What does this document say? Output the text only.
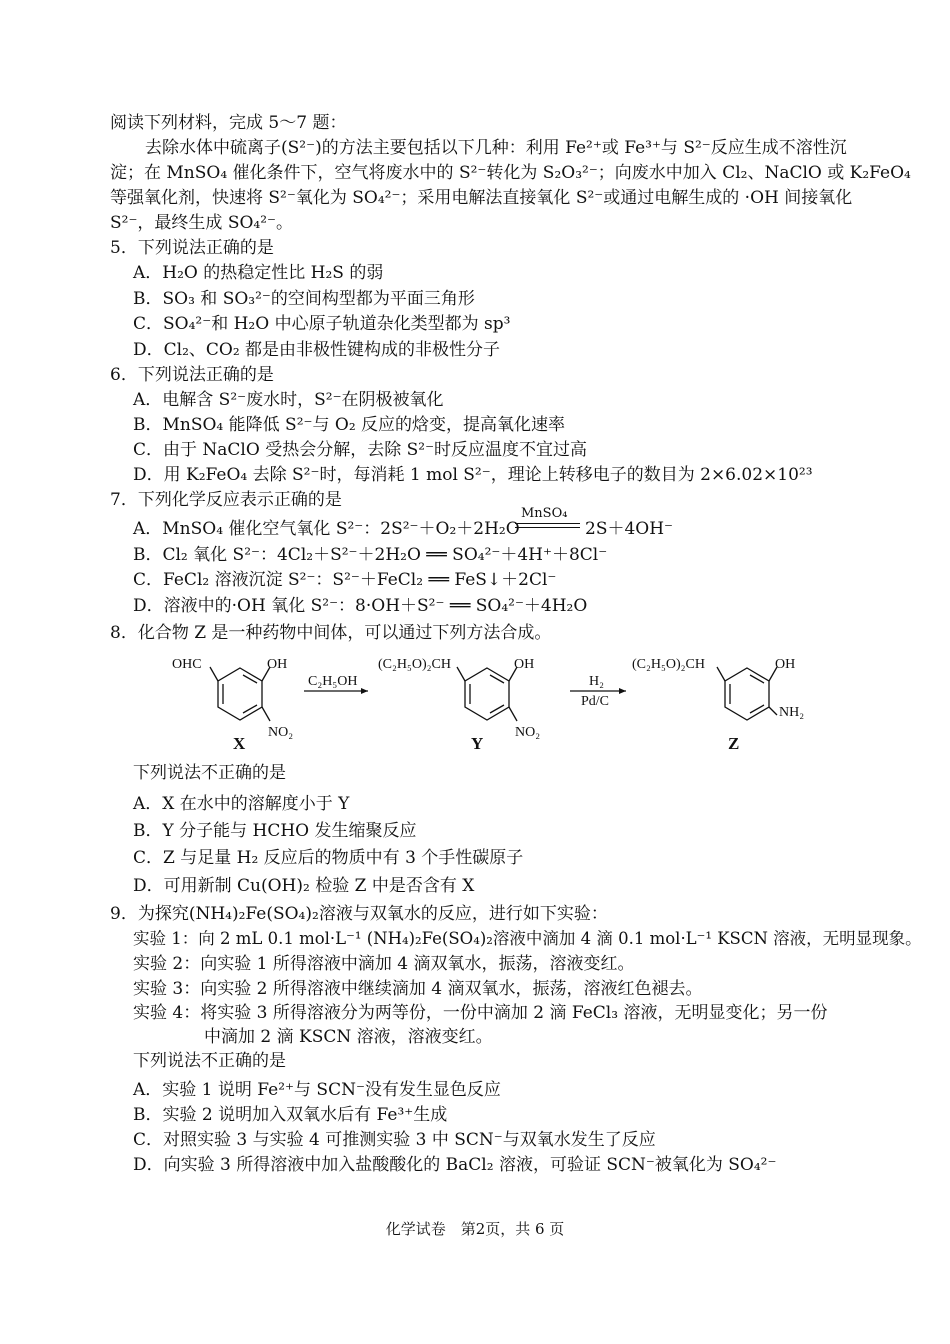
阅读下列材料，完成 5～7 题：
去除水体中硫离子(S²⁻)的方法主要包括以下几种：利用 Fe²⁺或 Fe³⁺与 S²⁻反应生成不溶性沉
淀；在 MnSO₄ 催化条件下，空气将废水中的 S²⁻转化为 S₂O₃²⁻；向废水中加入 Cl₂、NaClO 或 K₂FeO₄
等强氧化剂，快速将 S²⁻氧化为 SO₄²⁻；采用电解法直接氧化 S²⁻或通过电解生成的 ·OH 间接氧化
S²⁻，最终生成 SO₄²⁻。
5．下列说法正确的是
A．H₂O 的热稳定性比 H₂S 的弱
B．SO₃ 和 SO₃²⁻的空间构型都为平面三角形
C．SO₄²⁻和 H₂O 中心原子轨道杂化类型都为 sp³
D．Cl₂、CO₂ 都是由非极性键构成的非极性分子
6．下列说法正确的是
A．电解含 S²⁻废水时，S²⁻在阴极被氧化
B．MnSO₄ 能降低 S²⁻与 O₂ 反应的焓变，提高氧化速率
C．由于 NaClO 受热会分解，去除 S²⁻时反应温度不宜过高
D．用 K₂FeO₄ 去除 S²⁻时，每消耗 1 mol S²⁻，理论上转移电子的数目为 2×6.02×10²³
7．下列化学反应表示正确的是
A．MnSO₄ 催化空气氧化 S²⁻：2S²⁻＋O₂＋2H₂O
MnSO₄
2S＋4OH⁻
B．Cl₂ 氧化 S²⁻：4Cl₂＋S²⁻＋2H₂O ══ SO₄²⁻＋4H⁺＋8Cl⁻
C．FeCl₂ 溶液沉淀 S²⁻：S²⁻＋FeCl₂ ══ FeS↓＋2Cl⁻
D．溶液中的·OH 氧化 S²⁻：8·OH＋S²⁻ ══ SO₄²⁻＋4H₂O
8．化合物 Z 是一种药物中间体，可以通过下列方法合成。
OHC	OH
NO₂
C₂H₅OH
(C₂H₅O)₂CH	OH
NO₂
H₂
Pd/C
(C₂H₅O)₂CH	OH
NH₂
X	Y	Z
下列说法不正确的是
A．X 在水中的溶解度小于 Y
B．Y 分子能与 HCHO 发生缩聚反应
C．Z 与足量 H₂ 反应后的物质中有 3 个手性碳原子
D．可用新制 Cu(OH)₂ 检验 Z 中是否含有 X
9．为探究(NH₄)₂Fe(SO₄)₂溶液与双氧水的反应，进行如下实验：
实验 1：向 2 mL 0.1 mol·L⁻¹ (NH₄)₂Fe(SO₄)₂溶液中滴加 4 滴 0.1 mol·L⁻¹ KSCN 溶液，无明显现象。
实验 2：向实验 1 所得溶液中滴加 4 滴双氧水，振荡，溶液变红。
实验 3：向实验 2 所得溶液中继续滴加 4 滴双氧水，振荡，溶液红色褪去。
实验 4：将实验 3 所得溶液分为两等份，一份中滴加 2 滴 FeCl₃ 溶液，无明显变化；另一份
中滴加 2 滴 KSCN 溶液，溶液变红。
下列说法不正确的是
A．实验 1 说明 Fe²⁺与 SCN⁻没有发生显色反应
B．实验 2 说明加入双氧水后有 Fe³⁺生成
C．对照实验 3 与实验 4 可推测实验 3 中 SCN⁻与双氧水发生了反应
D．向实验 3 所得溶液中加入盐酸酸化的 BaCl₂ 溶液，可验证 SCN⁻被氧化为 SO₄²⁻
化学试卷　第2页，共 6 页
